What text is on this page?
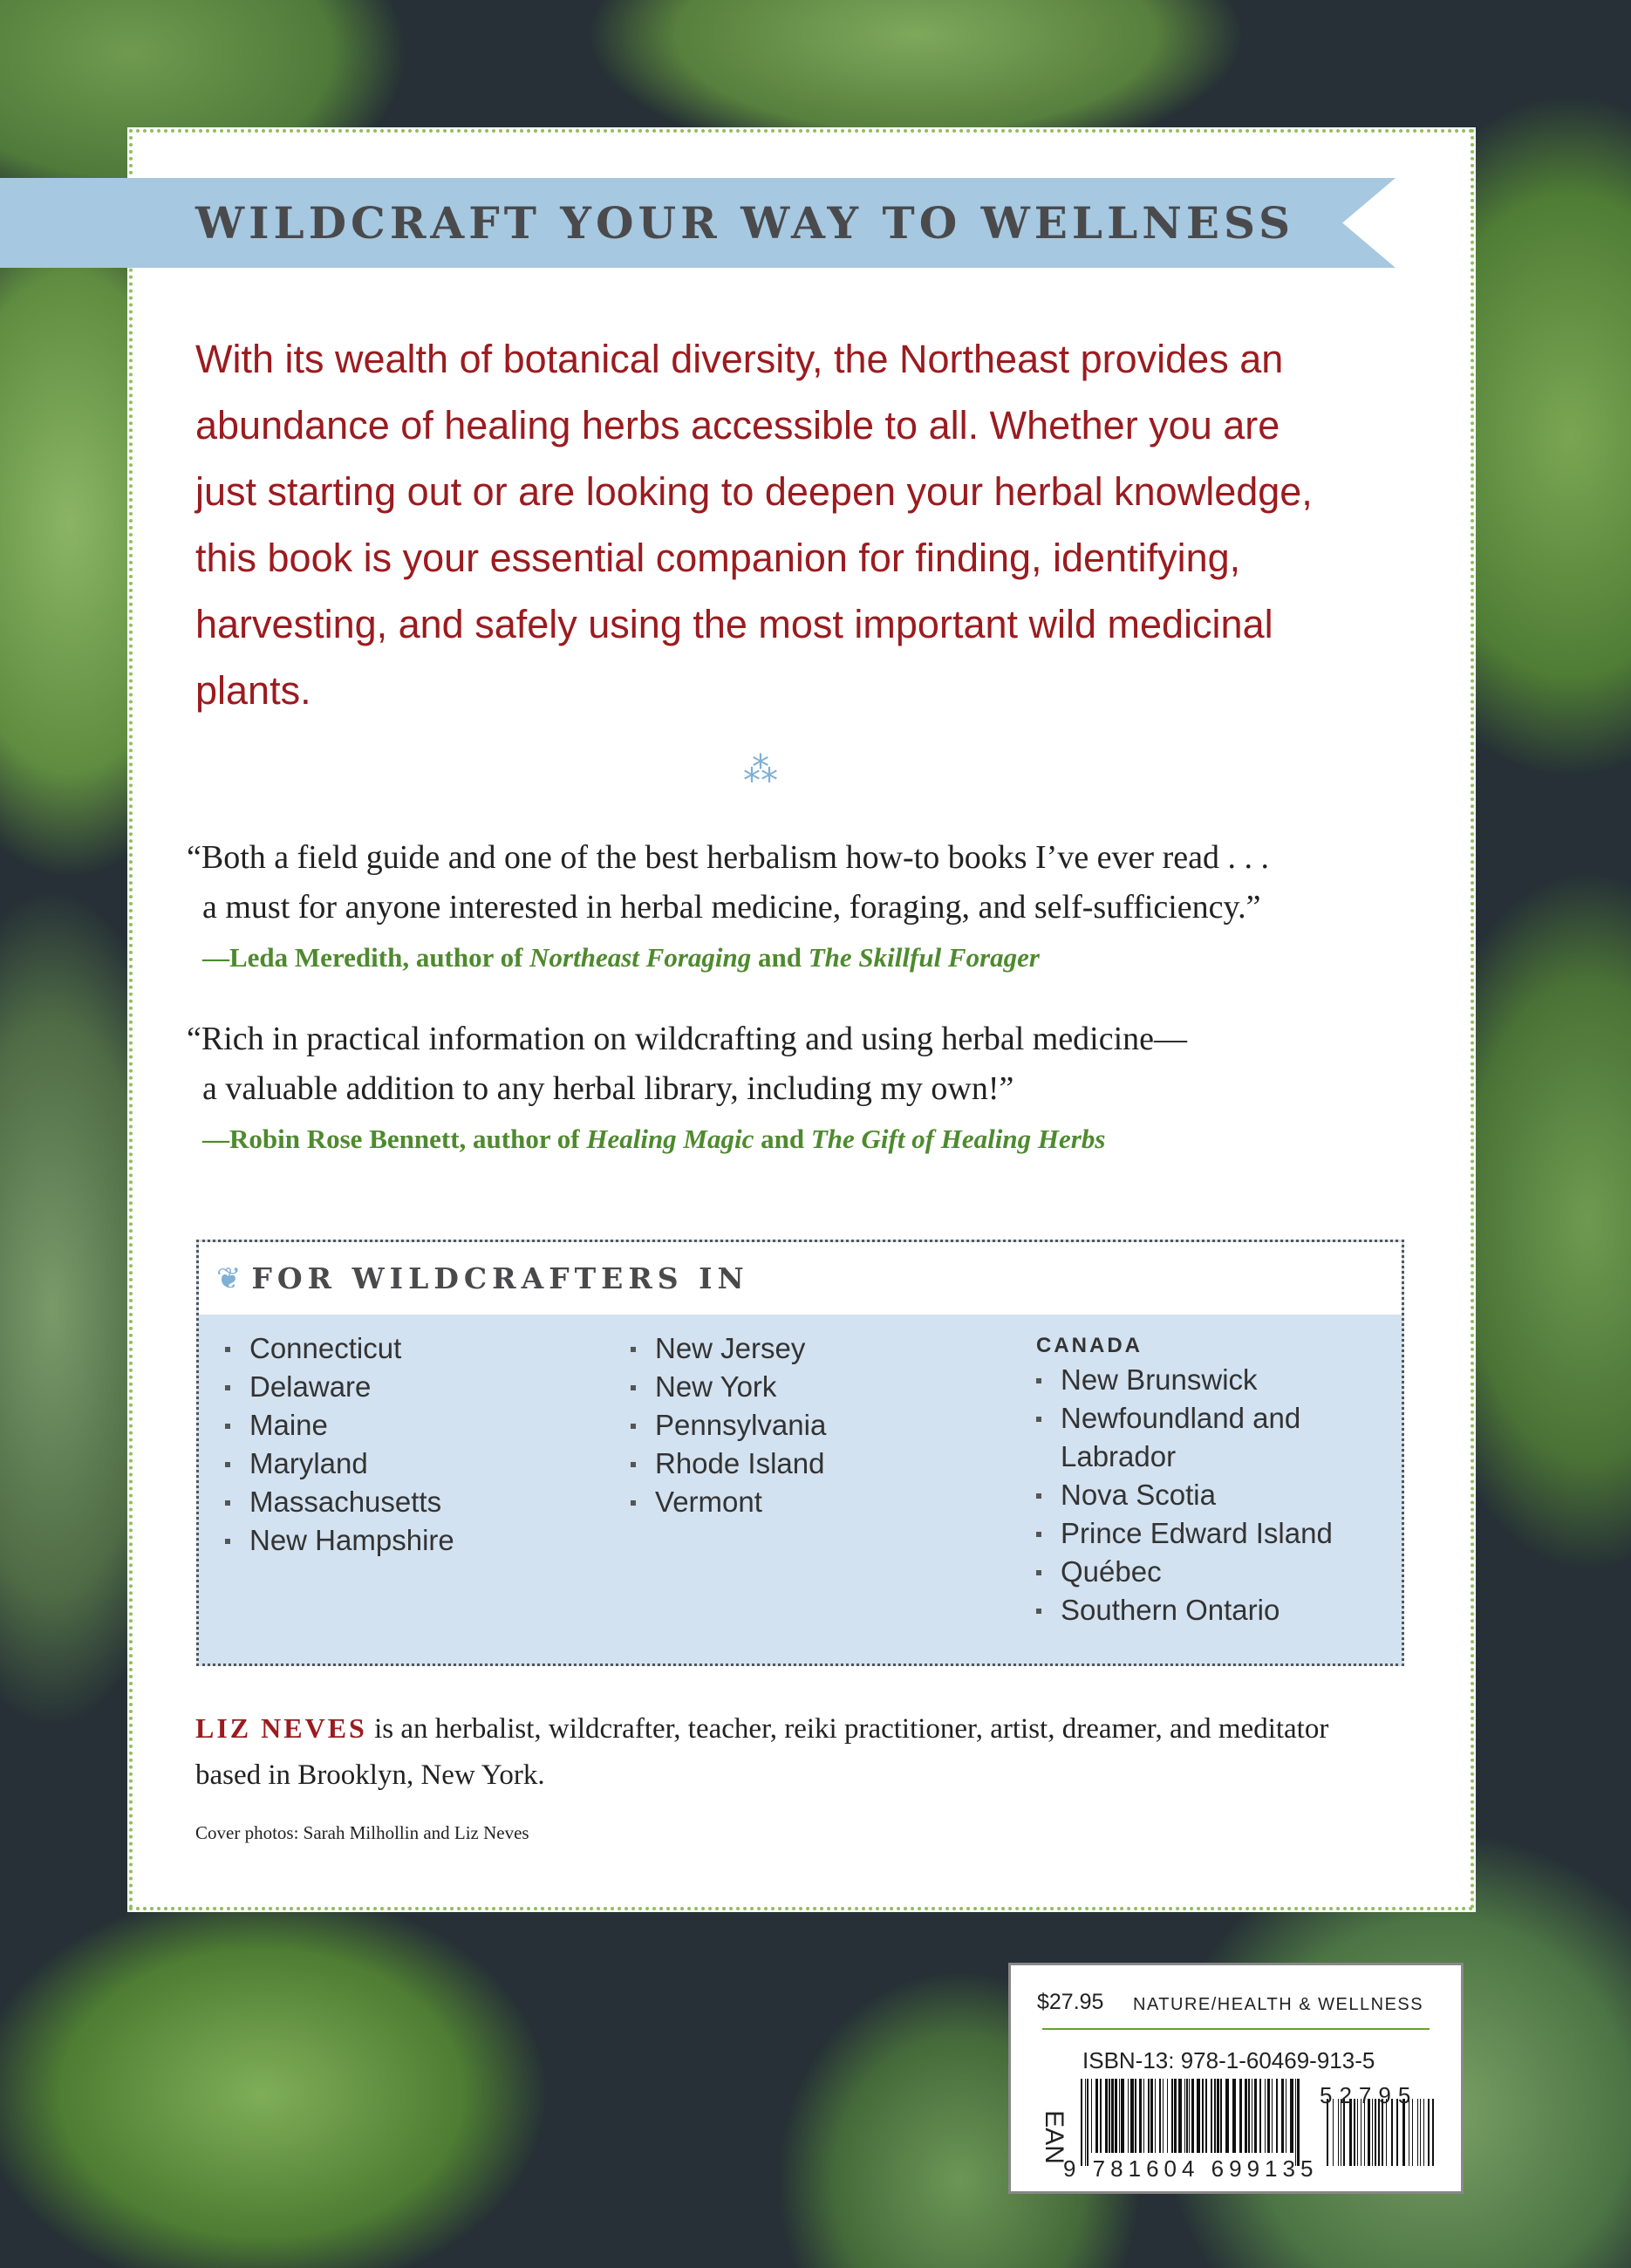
WILDCRAFT YOUR WAY TO WELLNESS

With its wealth of botanical diversity, the Northeast provides an abundance of healing herbs accessible to all. Whether you are just starting out or are looking to deepen your herbal knowledge, this book is your essential companion for finding, identifying, harvesting, and safely using the most important wild medicinal plants.

⁂
“Both a field guide and one of the best herbalism how-to books I’ve ever read . . .
a must for anyone interested in herbal medicine, foraging, and self-sufficiency.”
—Leda Meredith, author of Northeast Foraging and The Skillful Forager
“Rich in practical information on wildcrafting and using herbal medicine—
a valuable addition to any herbal library, including my own!”
—Robin Rose Bennett, author of Healing Magic and The Gift of Healing Herbs
❦ FOR WILDCRAFTERS IN
Connecticut
Delaware
Maine
Maryland
Massachusetts
New Hampshire
New Jersey
New York
Pennsylvania
Rhode Island
Vermont
CANADA
New Brunswick
Newfoundland and
Labrador
Nova Scotia
Prince Edward Island
Québec
Southern Ontario

LIZ NEVES is an herbalist, wildcrafter, teacher, reiki practitioner, artist, dreamer, and meditator based in Brooklyn, New York.

Cover photos: Sarah Milhollin and Liz Neves
$27.95 NATURE/HEALTH & WELLNESS
ISBN-13: 978-1-60469-913-5
EAN
9 781604 699135
52795
